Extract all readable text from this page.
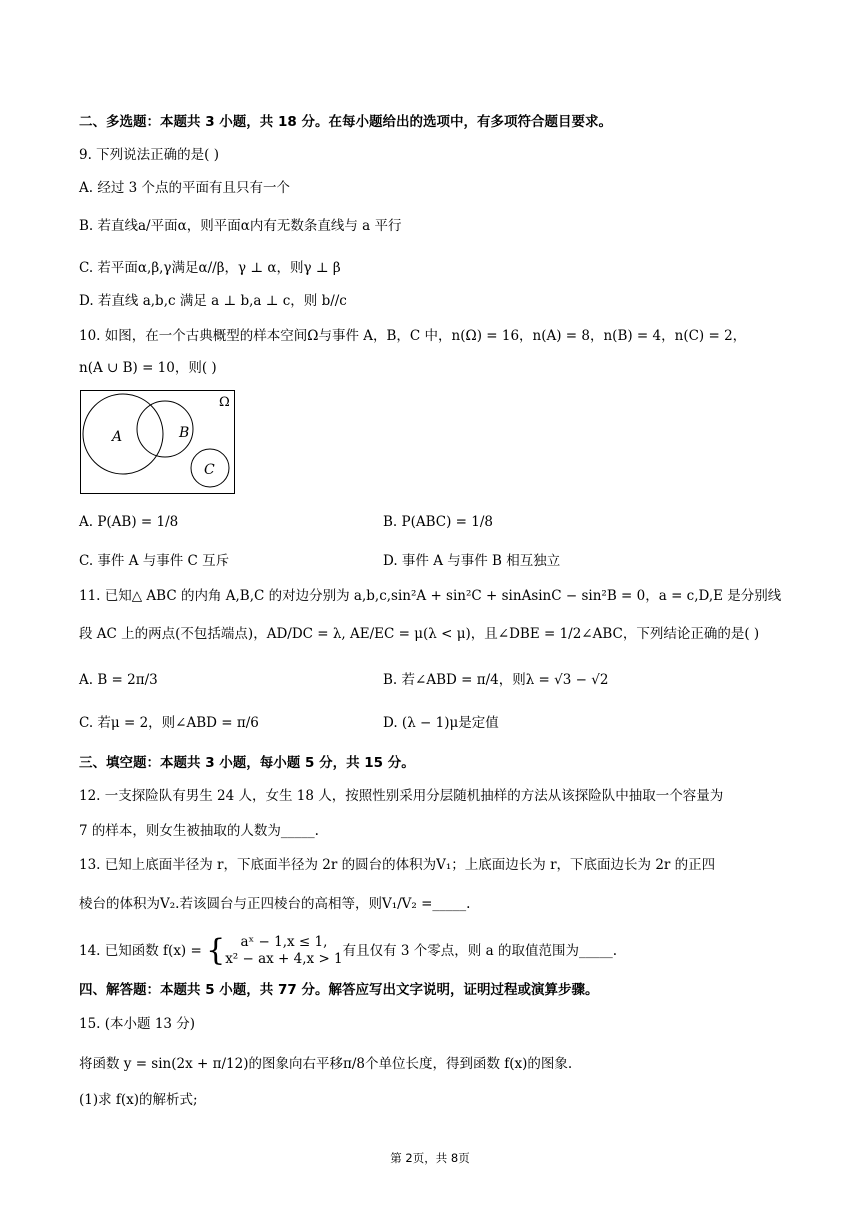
二、多选题：本题共 3 小题，共 18 分。在每小题给出的选项中，有多项符合题目要求。
9. 下列说法正确的是( )
A. 经过 3 个点的平面有且只有一个
B. 若直线a/平面α，则平面α内有无数条直线与 a 平行
C. 若平面α,β,γ满足α//β，γ ⊥ α，则γ ⊥ β
D. 若直线 a,b,c 满足 a ⊥ b,a ⊥ c，则 b//c
10. 如图，在一个古典概型的样本空间Ω与事件 A，B，C 中，n(Ω) = 16，n(A) = 8，n(B) = 4，n(C) = 2，
n(A ∪ B) = 10，则( )
Ω
A	B
C
A. P(AB) = 1/8	B. P(ABC) = 1/8
C. 事件 A 与事件 C 互斥	D. 事件 A 与事件 B 相互独立
11. 已知△ ABC 的内角 A,B,C 的对边分别为 a,b,c,sin²A + sin²C + sinAsinC − sin²B = 0，a = c,D,E 是分别线
段 AC 上的两点(不包括端点)，AD/DC = λ, AE/EC = μ(λ < μ)，且∠DBE = 1/2∠ABC，下列结论正确的是( )
A. B = 2π/3	B. 若∠ABD = π/4，则λ = √3 − √2
C. 若μ = 2，则∠ABD = π/6	D. (λ − 1)μ是定值
三、填空题：本题共 3 小题，每小题 5 分，共 15 分。
12. 一支探险队有男生 24 人，女生 18 人，按照性别采用分层随机抽样的方法从该探险队中抽取一个容量为
7 的样本，则女生被抽取的人数为_____.
13. 已知上底面半径为 r，下底面半径为 2r 的圆台的体积为V₁；上底面边长为 r，下底面边长为 2r 的正四
棱台的体积为V₂.若该圆台与正四棱台的高相等，则V₁/V₂ =_____.
14. 已知函数 f(x) = {	aˣ − 1,x ≤ 1,
x² − ax + 4,x > 1 有且仅有 3 个零点，则 a 的取值范围为_____.
四、解答题：本题共 5 小题，共 77 分。解答应写出文字说明，证明过程或演算步骤。
15. (本小题 13 分)
将函数 y = sin(2x + π/12)的图象向右平移π/8个单位长度，得到函数 f(x)的图象.
(1)求 f(x)的解析式;
第 2页，共 8页
